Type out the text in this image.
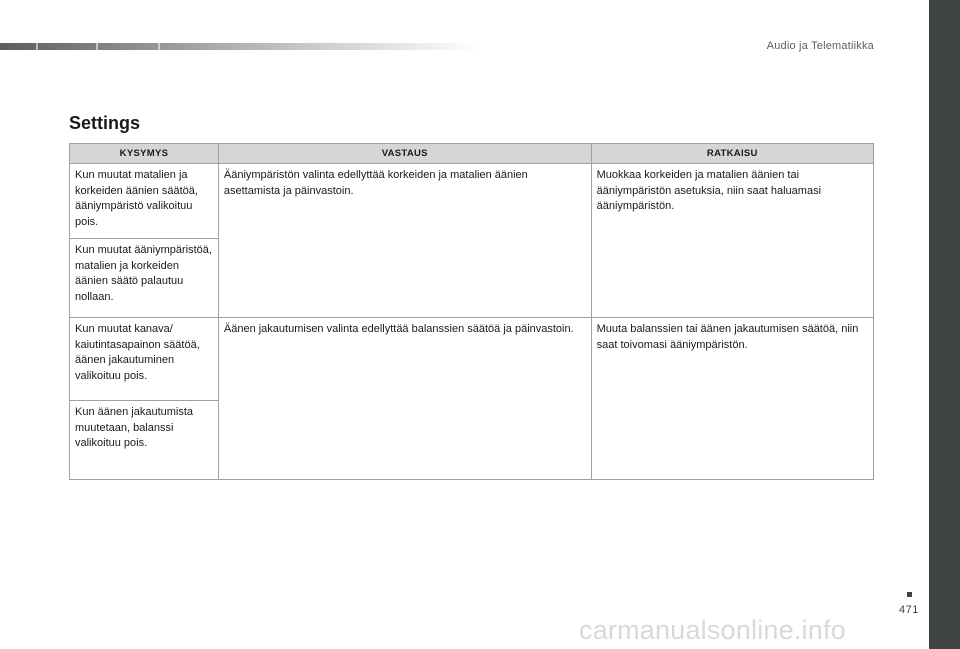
Audio ja Telematiikka
Settings
KYSYMYS	VASTAUS	RATKAISU
Kun muutat matalien ja korkeiden äänien säätöä, ääniympäristö valikoituu pois.	Ääniympäristön valinta edellyttää korkeiden ja matalien äänien asettamista ja päinvastoin.	Muokkaa korkeiden ja matalien äänien tai ääniympäristön asetuksia, niin saat haluamasi ääniympäristön.
Kun muutat ääniympäristöä, matalien ja korkeiden äänien säätö palautuu nollaan.		
Kun muutat kanava/ kaiutintasapainon säätöä, äänen jakautuminen valikoituu pois.	Äänen jakautumisen valinta edellyttää balanssien säätöä ja päinvastoin.	Muuta balanssien tai äänen jakautumisen säätöä, niin saat toivomasi ääniympäristön.
Kun äänen jakautumista muutetaan, balanssi valikoituu pois.		
471
carmanualsonline.info
